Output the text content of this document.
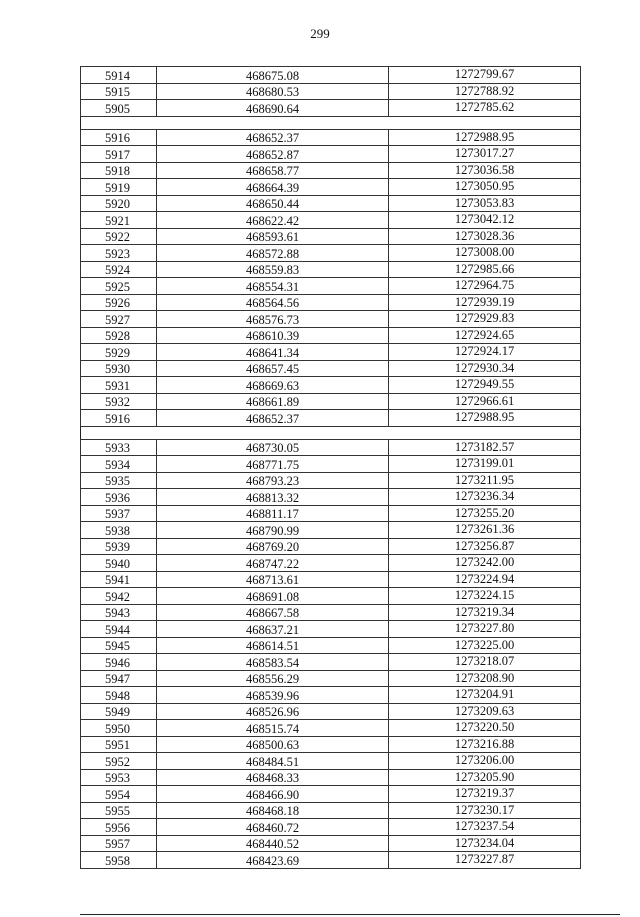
299
5914	468675.08	1272799.67
5915	468680.53	1272788.92
5905	468690.64	1272785.62

5916	468652.37	1272988.95
5917	468652.87	1273017.27
5918	468658.77	1273036.58
5919	468664.39	1273050.95
5920	468650.44	1273053.83
5921	468622.42	1273042.12
5922	468593.61	1273028.36
5923	468572.88	1273008.00
5924	468559.83	1272985.66
5925	468554.31	1272964.75
5926	468564.56	1272939.19
5927	468576.73	1272929.83
5928	468610.39	1272924.65
5929	468641.34	1272924.17
5930	468657.45	1272930.34
5931	468669.63	1272949.55
5932	468661.89	1272966.61
5916	468652.37	1272988.95

5933	468730.05	1273182.57
5934	468771.75	1273199.01
5935	468793.23	1273211.95
5936	468813.32	1273236.34
5937	468811.17	1273255.20
5938	468790.99	1273261.36
5939	468769.20	1273256.87
5940	468747.22	1273242.00
5941	468713.61	1273224.94
5942	468691.08	1273224.15
5943	468667.58	1273219.34
5944	468637.21	1273227.80
5945	468614.51	1273225.00
5946	468583.54	1273218.07
5947	468556.29	1273208.90
5948	468539.96	1273204.91
5949	468526.96	1273209.63
5950	468515.74	1273220.50
5951	468500.63	1273216.88
5952	468484.51	1273206.00
5953	468468.33	1273205.90
5954	468466.90	1273219.37
5955	468468.18	1273230.17
5956	468460.72	1273237.54
5957	468440.52	1273234.04
5958	468423.69	1273227.87
